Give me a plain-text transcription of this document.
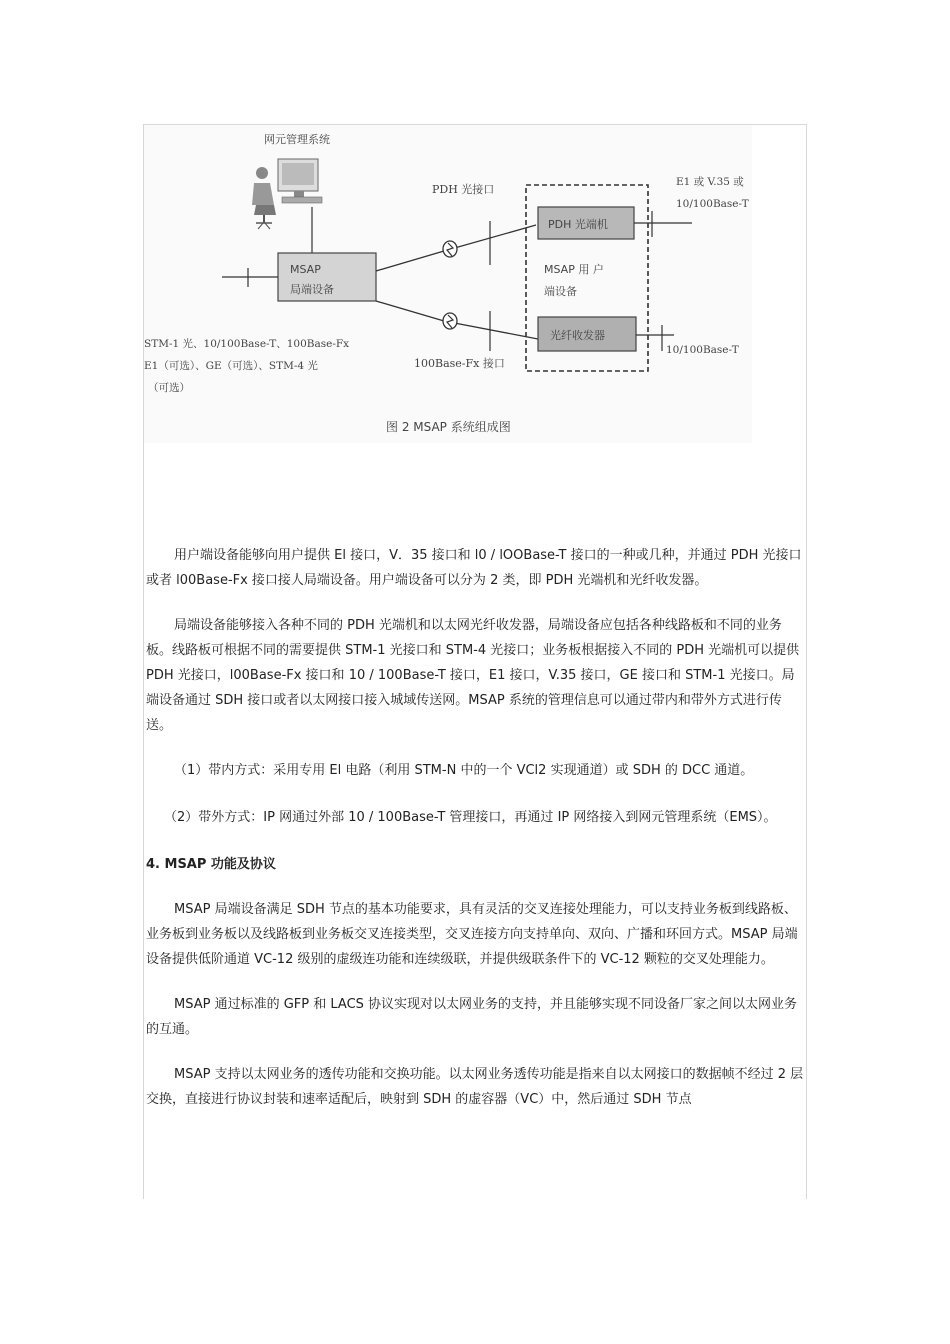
网元管理系统
MSAP
局端设备
STM-1 光、10/100Base-T、100Base-Fx
E1（可选）、GE（可选）、STM-4 光
（可选）
PDH 光接口
100Base-Fx 接口
MSAP 用 户
端设备
PDH 光端机
光纤收发器
E1 或 V.35 或
10/100Base-T
10/100Base-T
图 2 MSAP 系统组成图

用户端设备能够向用户提供 El 接口，V．35 接口和 l0 / lOOBase-T 接口的一种或几种，并通过 PDH 光接口或者 l00Base-Fx 接口接人局端设备。用户端设备可以分为 2 类，即 PDH 光端机和光纤收发器。

局端设备能够接入各种不同的 PDH 光端机和以太网光纤收发器，局端设备应包括各种线路板和不同的业务板。线路板可根据不同的需要提供 STM-1 光接口和 STM-4 光接口；业务板根据接入不同的 PDH 光端机可以提供 PDH 光接口，l00Base-Fx 接口和 10 / 100Base-T 接口，E1 接口，V.35 接口，GE 接口和 STM-1 光接口。局端设备通过 SDH 接口或者以太网接口接入城域传送网。MSAP 系统的管理信息可以通过带内和带外方式进行传送。

（1）带内方式：采用专用 El 电路（利用 STM-N 中的一个 VCl2 实现通道）或 SDH 的 DCC 通道。

（2）带外方式：IP 网通过外部 10 / 100Base-T 管理接口，再通过 IP 网络接入到网元管理系统（EMS）。

4. MSAP 功能及协议

MSAP 局端设备满足 SDH 节点的基本功能要求，具有灵活的交叉连接处理能力，可以支持业务板到线路板、业务板到业务板以及线路板到业务板交叉连接类型，交叉连接方向支持单向、双向、广播和环回方式。MSAP 局端设备提供低阶通道 VC-12 级别的虚级连功能和连续级联，并提供级联条件下的 VC-12 颗粒的交叉处理能力。

MSAP 通过标准的 GFP 和 LACS 协议实现对以太网业务的支持，并且能够实现不同设备厂家之间以太网业务的互通。

MSAP 支持以太网业务的透传功能和交换功能。以太网业务透传功能是指来自以太网接口的数据帧不经过 2 层交换，直接进行协议封装和速率适配后，映射到 SDH 的虚容器（VC）中，然后通过 SDH 节点
